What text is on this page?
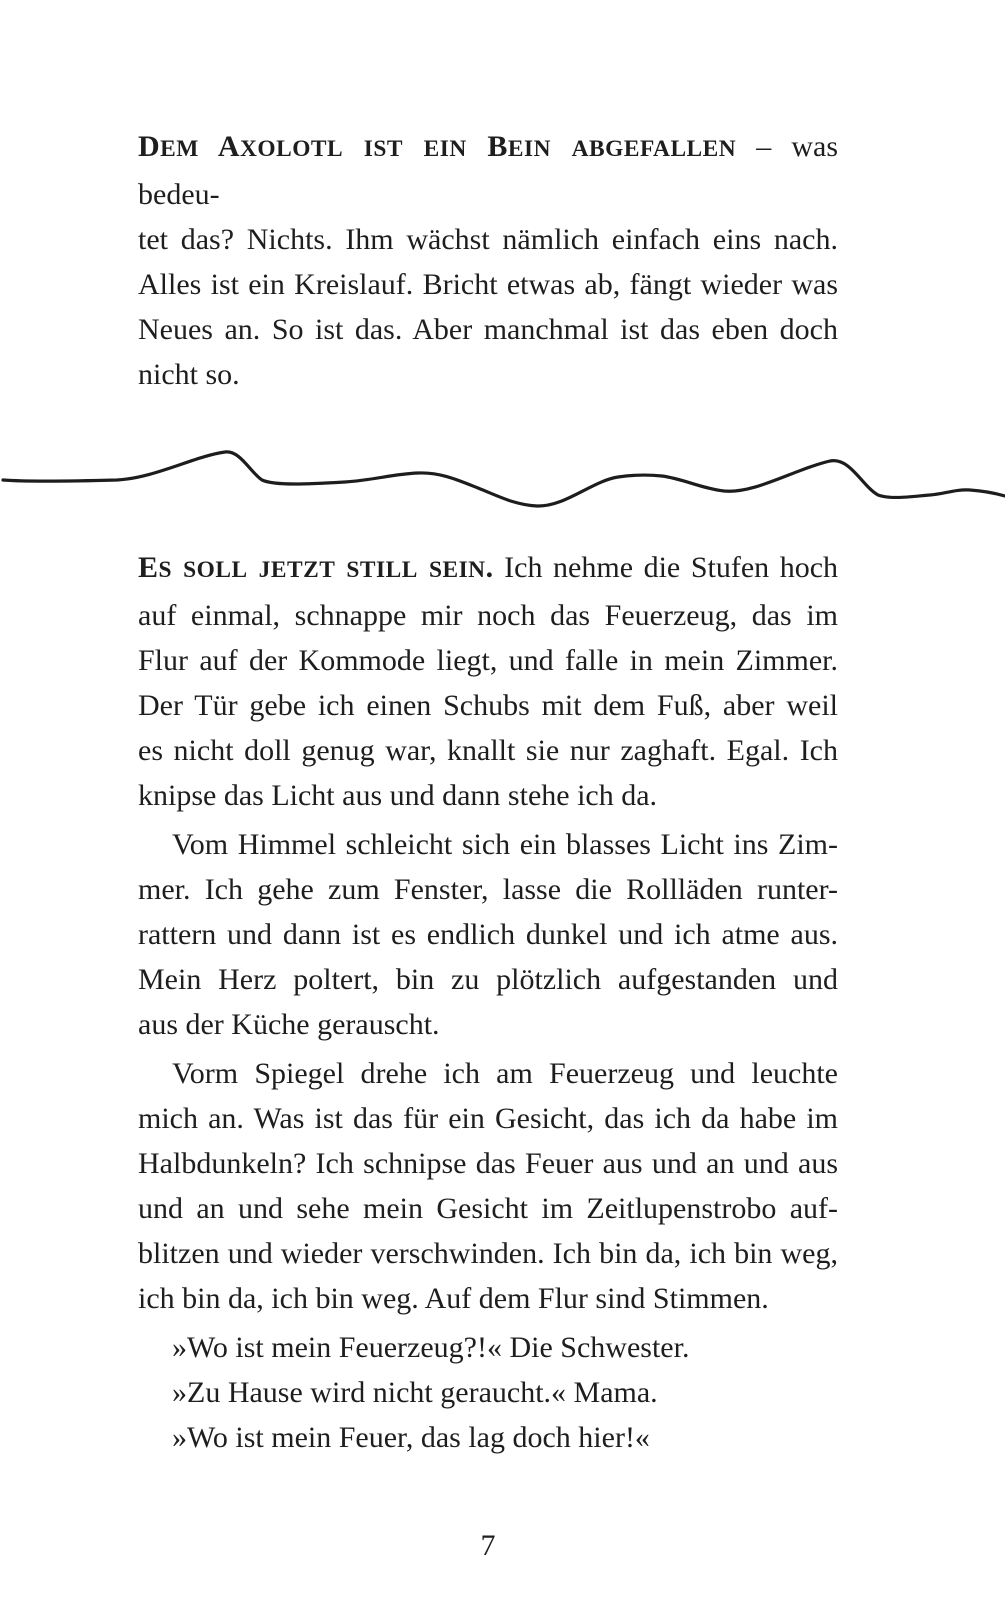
DEM AXOLOTL IST EIN BEIN ABGEFALLEN – was bedeu-
tet das? Nichts. Ihm wächst nämlich einfach eins nach.
Alles ist ein Kreislauf. Bricht etwas ab, fängt wieder was
Neues an. So ist das. Aber manchmal ist das eben doch
nicht so.
ES SOLL JETZT STILL SEIN. Ich nehme die Stufen hoch
auf einmal, schnappe mir noch das Feuerzeug, das im
Flur auf der Kommode liegt, und falle in mein Zimmer.
Der Tür gebe ich einen Schubs mit dem Fuß, aber weil
es nicht doll genug war, knallt sie nur zaghaft. Egal. Ich
knipse das Licht aus und dann stehe ich da.
Vom Himmel schleicht sich ein blasses Licht ins Zim-
mer. Ich gehe zum Fenster, lasse die Rollläden runter-
rattern und dann ist es endlich dunkel und ich atme aus.
Mein Herz poltert, bin zu plötzlich aufgestanden und
aus der Küche gerauscht.
Vorm Spiegel drehe ich am Feuerzeug und leuchte
mich an. Was ist das für ein Gesicht, das ich da habe im
Halbdunkeln? Ich schnipse das Feuer aus und an und aus
und an und sehe mein Gesicht im Zeitlupenstrobo auf-
blitzen und wieder verschwinden. Ich bin da, ich bin weg,
ich bin da, ich bin weg. Auf dem Flur sind Stimmen.
»Wo ist mein Feuerzeug?!« Die Schwester.
»Zu Hause wird nicht geraucht.« Mama.
»Wo ist mein Feuer, das lag doch hier!«
7
